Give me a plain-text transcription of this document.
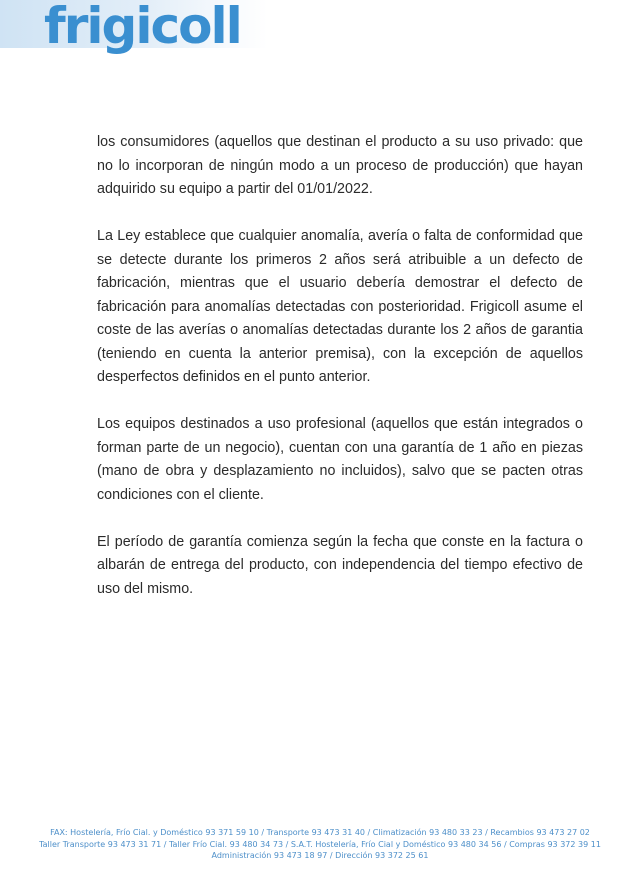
frigicoll

los consumidores (aquellos que destinan el producto a su uso privado: que no lo incorporan de ningún modo a un proceso de producción) que hayan adquirido su equipo a partir del 01/01/2022.

La Ley establece que cualquier anomalía, avería o falta de conformidad que se detecte durante los primeros 2 años será atribuible a un defecto de fabricación, mientras que el usuario debería demostrar el defecto de fabricación para anomalías detectadas con posterioridad. Frigicoll asume el coste de las averías o anomalías detectadas durante los 2 años de garantia (teniendo en cuenta la anterior premisa), con la excepción de aquellos desperfectos definidos en el punto anterior.

Los equipos destinados a uso profesional (aquellos que están integrados o forman parte de un negocio), cuentan con una garantía de 1 año en piezas (mano de obra y desplazamiento no incluidos), salvo que se pacten otras condiciones con el cliente.

El período de garantía comienza según la fecha que conste en la factura o albarán de entrega del producto, con independencia del tiempo efectivo de uso del mismo.

FAX: Hostelería, Frío Cial. y Doméstico 93 371 59 10 / Transporte 93 473 31 40 / Climatización 93 480 33 23 / Recambios 93 473 27 02
Taller Transporte 93 473 31 71 / Taller Frío Cial. 93 480 34 73 / S.A.T. Hostelería, Frío Cial y Doméstico 93 480 34 56 / Compras 93 372 39 11
Administración 93 473 18 97 / Dirección 93 372 25 61
